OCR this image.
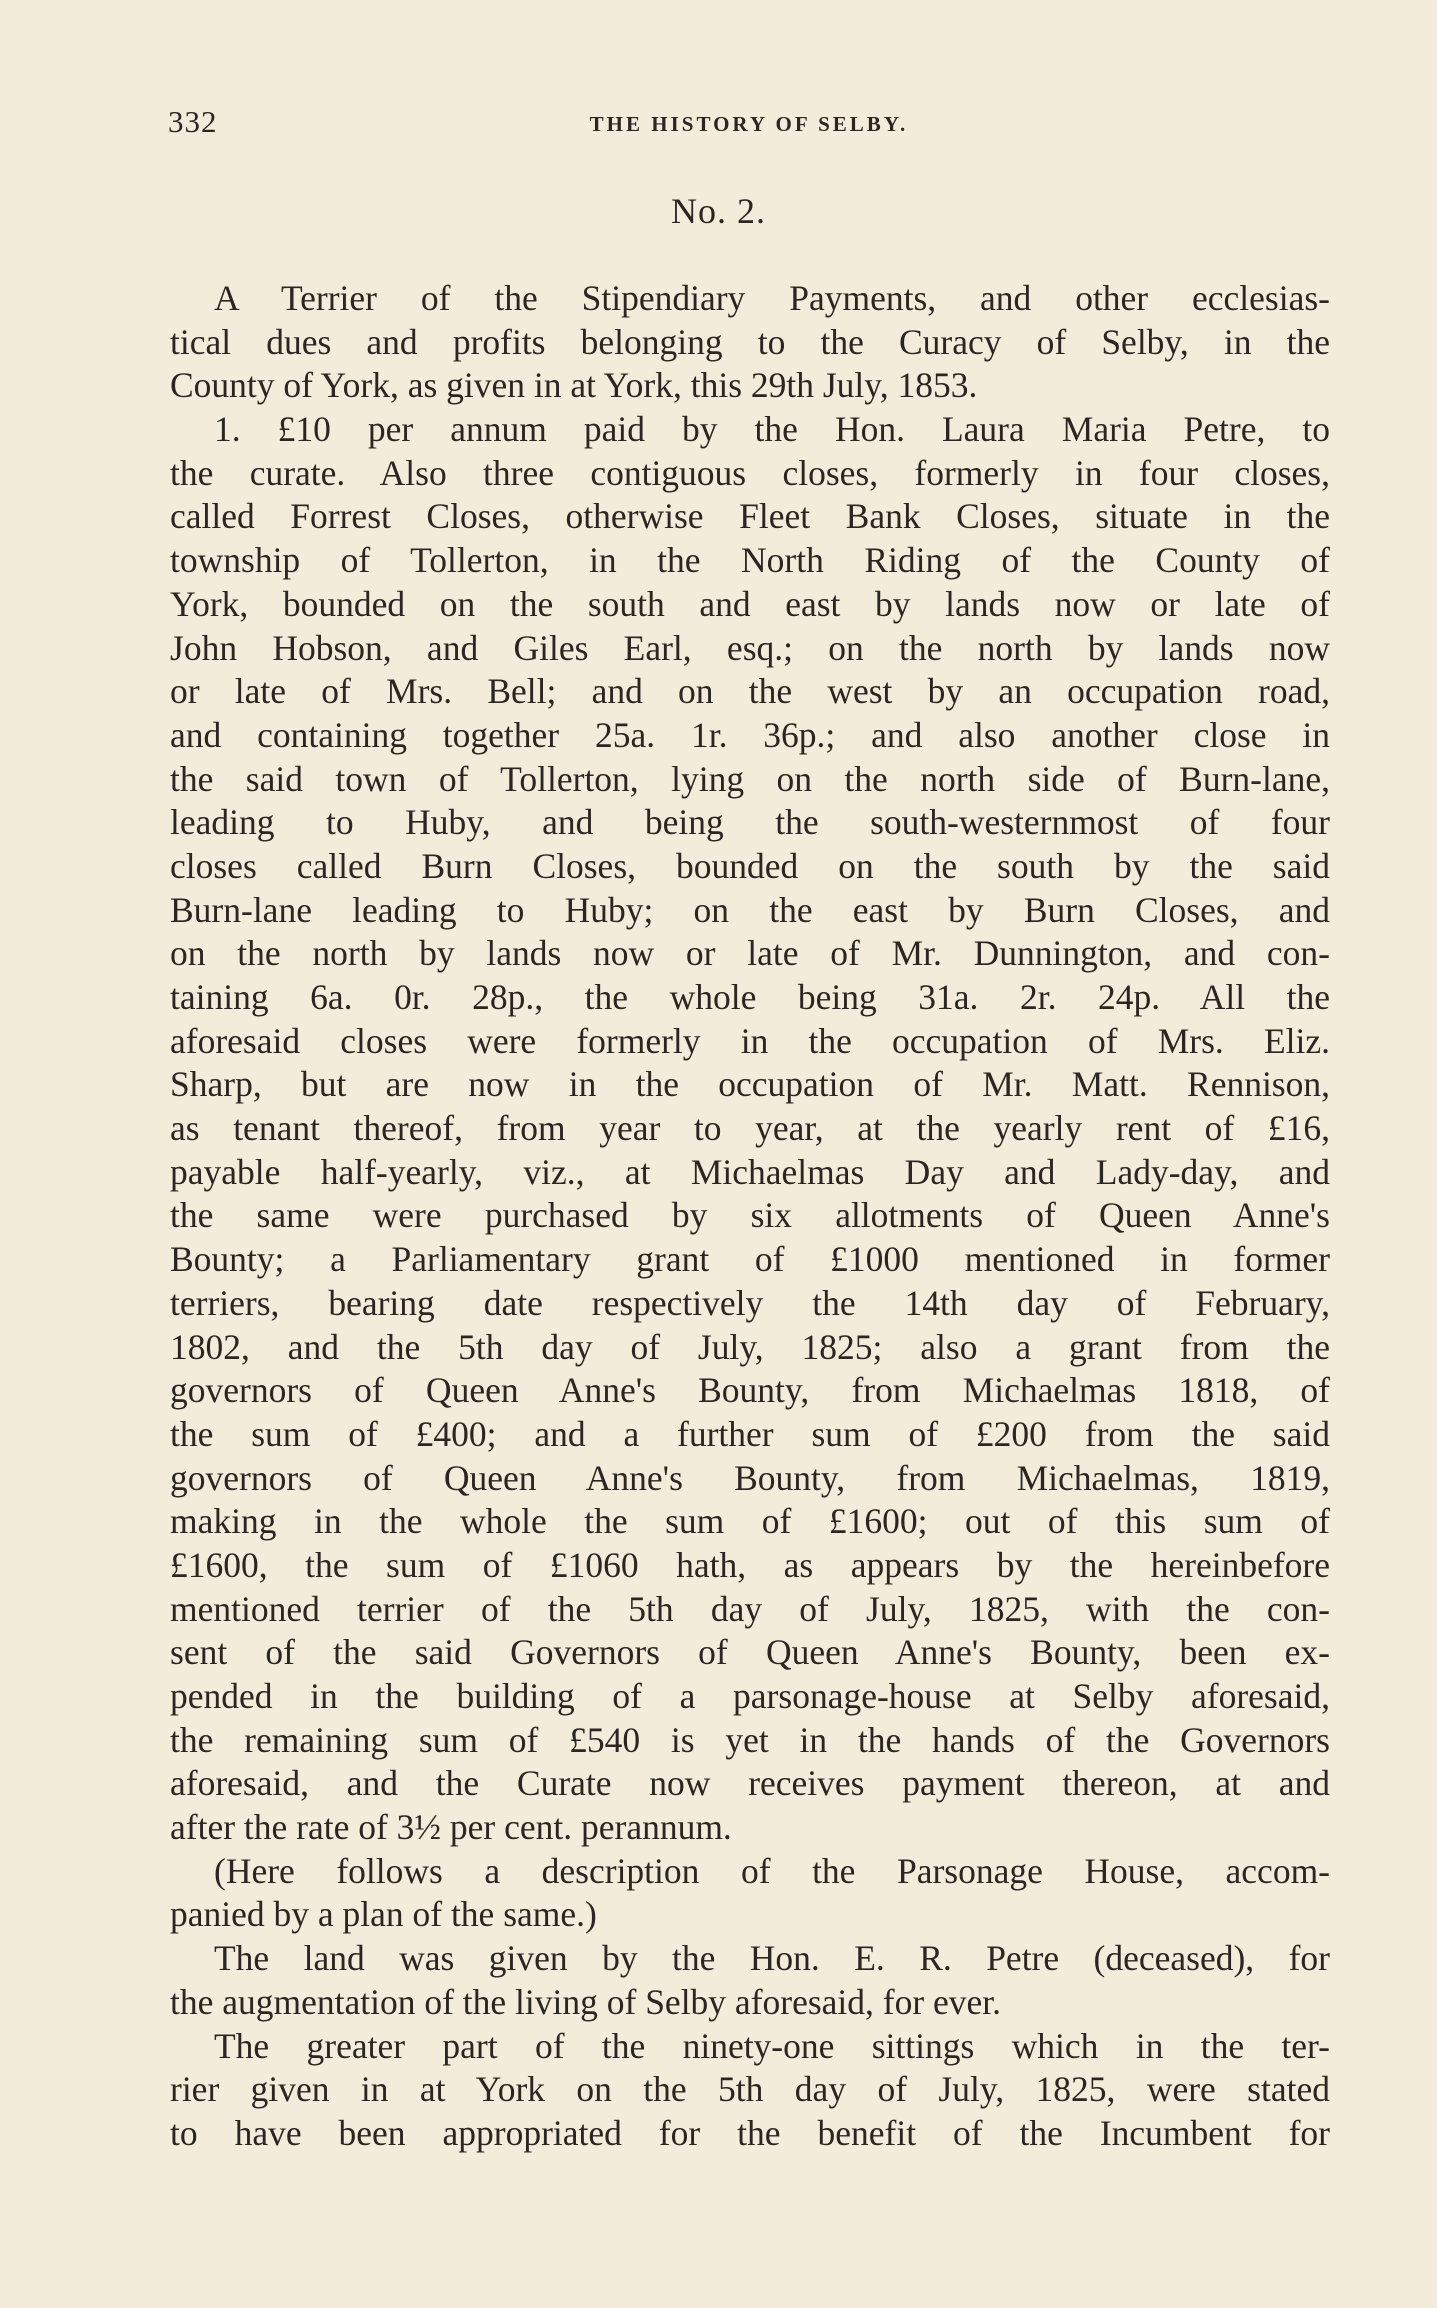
332	THE HISTORY OF SELBY.
No. 2.
A Terrier of the Stipendiary Payments, and other ecclesias-
tical dues and profits belonging to the Curacy of Selby, in the
County of York, as given in at York, this 29th July, 1853.
1. £10 per annum paid by the Hon. Laura Maria Petre, to
the curate. Also three contiguous closes, formerly in four closes,
called Forrest Closes, otherwise Fleet Bank Closes, situate in the
township of Tollerton, in the North Riding of the County of
York, bounded on the south and east by lands now or late of
John Hobson, and Giles Earl, esq.; on the north by lands now
or late of Mrs. Bell; and on the west by an occupation road,
and containing together 25a. 1r. 36p.; and also another close in
the said town of Tollerton, lying on the north side of Burn-lane,
leading to Huby, and being the south-westernmost of four
closes called Burn Closes, bounded on the south by the said
Burn-lane leading to Huby; on the east by Burn Closes, and
on the north by lands now or late of Mr. Dunnington, and con-
taining 6a. 0r. 28p., the whole being 31a. 2r. 24p. All the
aforesaid closes were formerly in the occupation of Mrs. Eliz.
Sharp, but are now in the occupation of Mr. Matt. Rennison,
as tenant thereof, from year to year, at the yearly rent of £16,
payable half-yearly, viz., at Michaelmas Day and Lady-day, and
the same were purchased by six allotments of Queen Anne's
Bounty; a Parliamentary grant of £1000 mentioned in former
terriers, bearing date respectively the 14th day of February,
1802, and the 5th day of July, 1825; also a grant from the
governors of Queen Anne's Bounty, from Michaelmas 1818, of
the sum of £400; and a further sum of £200 from the said
governors of Queen Anne's Bounty, from Michaelmas, 1819,
making in the whole the sum of £1600; out of this sum of
£1600, the sum of £1060 hath, as appears by the hereinbefore
mentioned terrier of the 5th day of July, 1825, with the con-
sent of the said Governors of Queen Anne's Bounty, been ex-
pended in the building of a parsonage-house at Selby aforesaid,
the remaining sum of £540 is yet in the hands of the Governors
aforesaid, and the Curate now receives payment thereon, at and
after the rate of 3½ per cent. perannum.
(Here follows a description of the Parsonage House, accom-
panied by a plan of the same.)
The land was given by the Hon. E. R. Petre (deceased), for
the augmentation of the living of Selby aforesaid, for ever.
The greater part of the ninety-one sittings which in the ter-
rier given in at York on the 5th day of July, 1825, were stated
to have been appropriated for the benefit of the Incumbent for
